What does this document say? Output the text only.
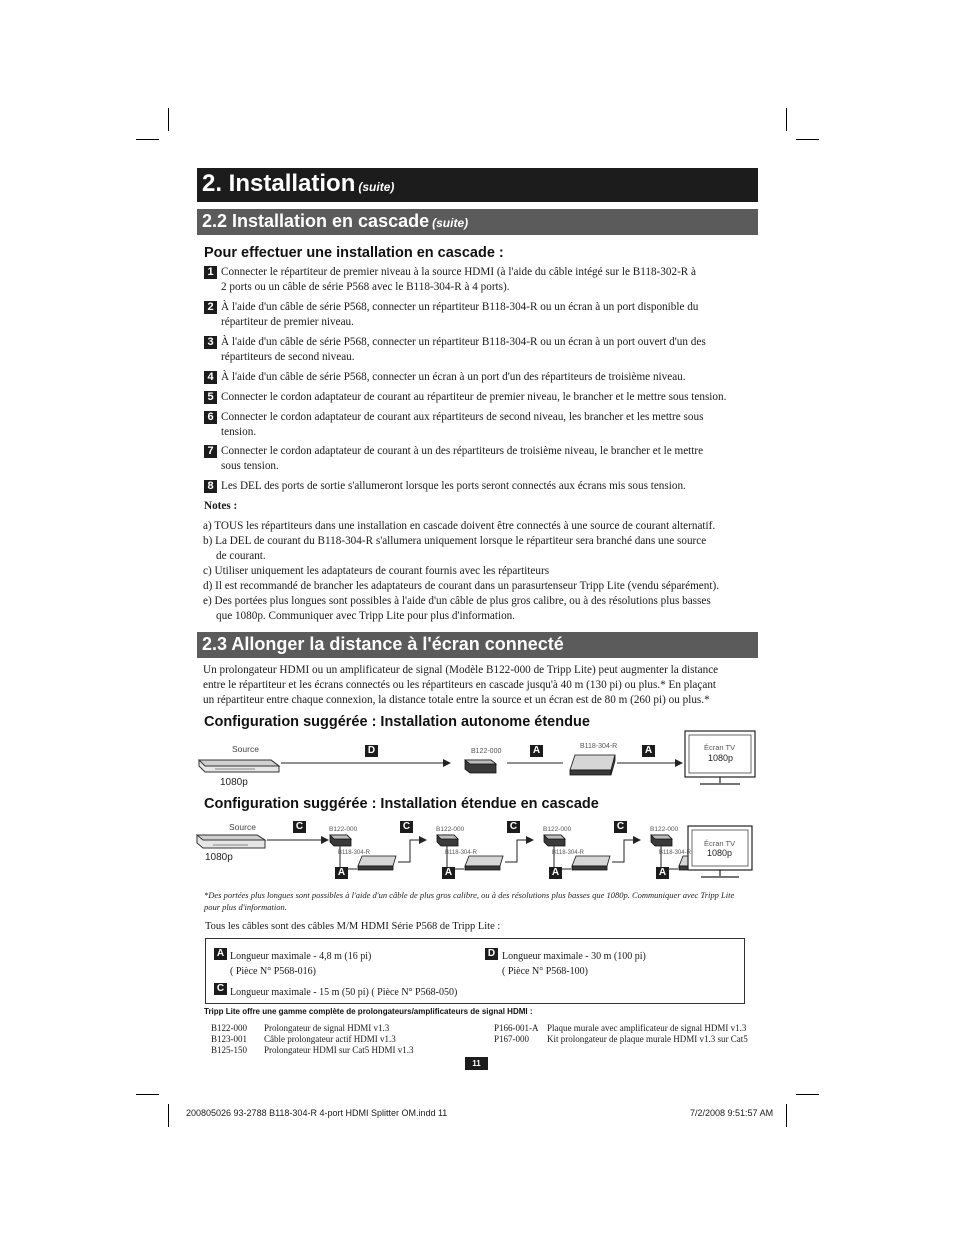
2. Installation (suite)
2.2 Installation en cascade (suite)
Pour effectuer une installation en cascade :
1 Connecter le répartiteur de premier niveau à la source HDMI (à l'aide du câble intégé sur le B118-302-R à
2 ports ou un câble de série P568 avec le B118-304-R à 4 ports).
2 À l'aide d'un câble de série P568, connecter un répartiteur B118-304-R ou un écran à un port disponible du
répartiteur de premier niveau.
3 À l'aide d'un câble de série P568, connecter un répartiteur B118-304-R ou un écran à un port ouvert d'un des
répartiteurs de second niveau.
4 À l'aide d'un câble de série P568, connecter un écran à un port d'un des répartiteurs de troisième niveau.
5 Connecter le cordon adaptateur de courant au répartiteur de premier niveau, le brancher et le mettre sous tension.
6 Connecter le cordon adaptateur de courant aux répartiteurs de second niveau, les brancher et les mettre sous
tension.
7 Connecter le cordon adaptateur de courant à un des répartiteurs de troisième niveau, le brancher et le mettre
sous tension.
8 Les DEL des ports de sortie s'allumeront lorsque les ports seront connectés aux écrans mis sous tension.
Notes :
a) TOUS les répartiteurs dans une installation en cascade doivent être connectés à une source de courant alternatif.
b) La DEL de courant du B118-304-R s'allumera uniquement lorsque le répartiteur sera branché dans une source
de courant.
c) Utiliser uniquement les adaptateurs de courant fournis avec les répartiteurs
d) Il est recommandé de brancher les adaptateurs de courant dans un parasurtenseur Tripp Lite (vendu séparément).
e) Des portées plus longues sont possibles à l'aide d'un câble de plus gros calibre, ou à des résolutions plus basses
que 1080p. Communiquer avec Tripp Lite pour plus d'information.
2.3 Allonger la distance à l'écran connecté
Un prolongateur HDMI ou un amplificateur de signal (Modèle B122-000 de Tripp Lite) peut augmenter la distance
entre le répartiteur et les écrans connectés ou les répartiteurs en cascade jusqu'à 40 m (130 pi) ou plus.* En plaçant
un répartiteur entre chaque connexion, la distance totale entre la source et un écran est de 80 m (260 pi) ou plus.*
Configuration suggérée : Installation autonome étendue
Source
1080p
D	B122-000	A	B118-304-R	A	Écran TV
1080p
Configuration suggérée : Installation étendue en cascade
Source
1080p
C	B122-000
B118-304-R
A
C	B122-000
B118-304-R
A
C	B122-000
B118-304-R
A
C	B122-000
B118-304-R
A
Écran TV
1080p
*Des portées plus longues sont possibles à l'aide d'un câble de plus gros calibre, ou à des résolutions plus basses que 1080p. Communiquer avec Tripp Lite
pour plus d'information.
Tous les câbles sont des câbles M/M HDMI Série P568 de Tripp Lite :
A Longueur maximale - 4,8 m (16 pi)
( Pièce N° P568-016)
C Longueur maximale - 15 m (50 pi) ( Pièce N° P568-050)
D Longueur maximale - 30 m (100 pi)
( Pièce N° P568-100)
Tripp Lite offre une gamme complète de prolongateurs/amplificateurs de signal HDMI :
B122-000 Prolongateur de signal HDMI v1.3
B123-001 Câble prolongateur actif HDMI v1.3
B125-150 Prolongateur HDMI sur Cat5 HDMI v1.3
P166-001-A Plaque murale avec amplificateur de signal HDMI v1.3
P167-000 Kit prolongateur de plaque murale HDMI v1.3 sur Cat5
11
200805026 93-2788 B118-304-R 4-port HDMI Splitter OM.indd 11	7/2/2008 9:51:57 AM
